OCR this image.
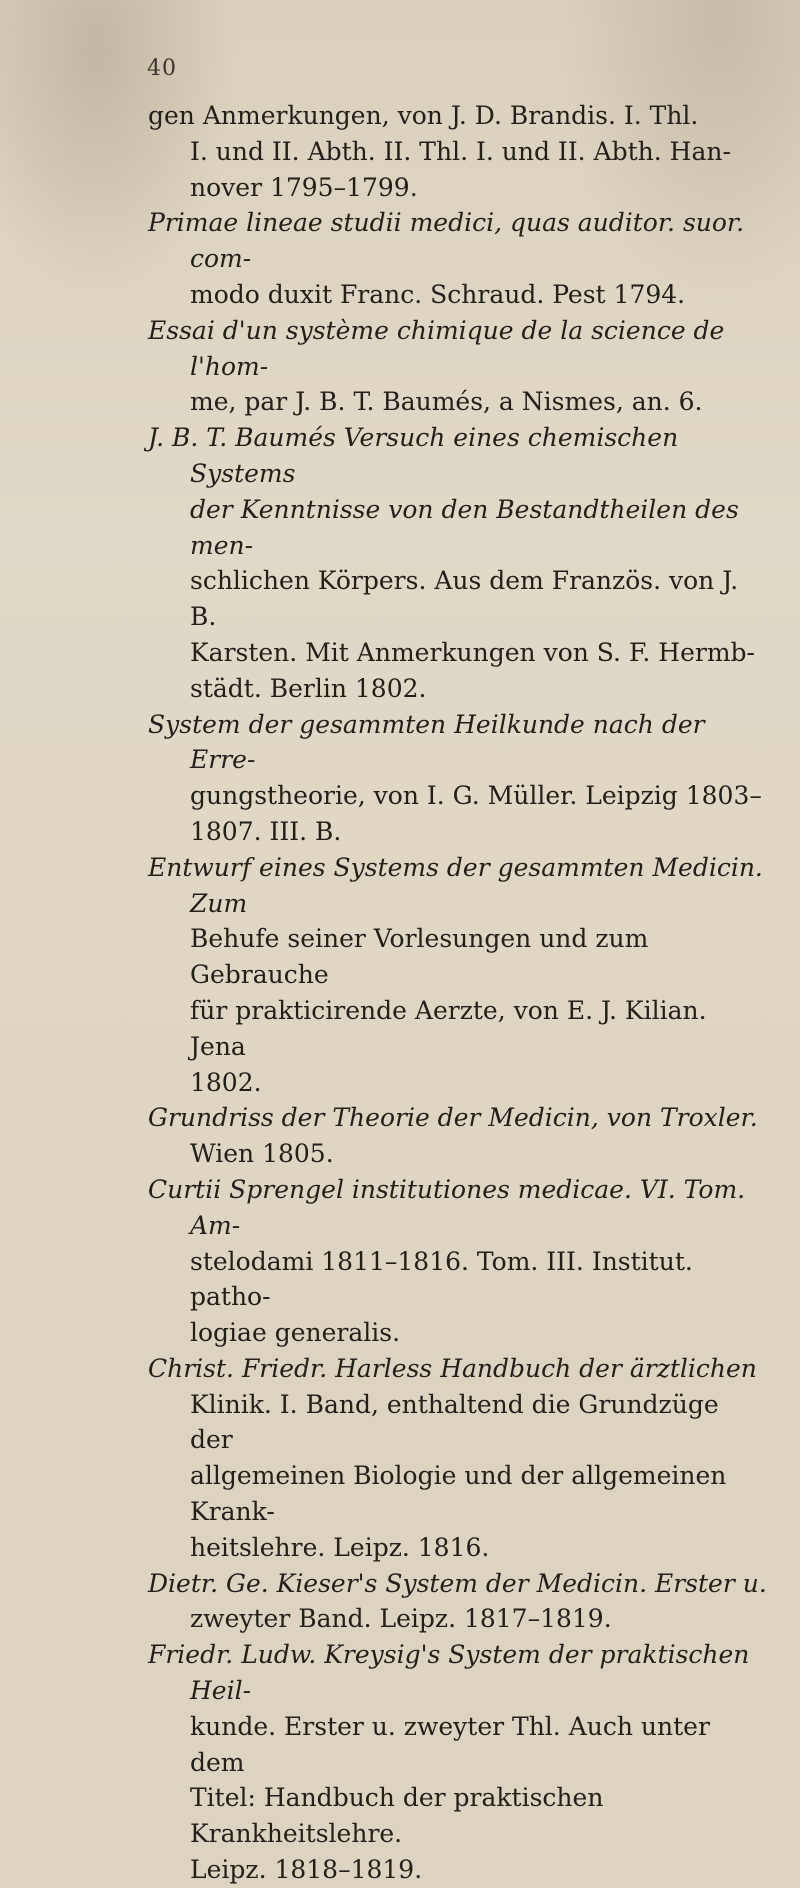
40

gen Anmerkungen, von J. D. Brandis. I. Thl.
I. und II. Abth. II. Thl. I. und II. Abth. Han-
nover 1795–1799.

Primae lineae studii medici, quas auditor. suor. com-
modo duxit Franc. Schraud. Pest 1794.

Essai d'un système chimique de la science de l'hom-
me, par J. B. T. Baumés, a Nismes, an. 6.

J. B. T. Baumés Versuch eines chemischen Systems
der Kenntnisse von den Bestandtheilen des men-
schlichen Körpers. Aus dem Französ. von J. B.
Karsten. Mit Anmerkungen von S. F. Hermb-
städt. Berlin 1802.

System der gesammten Heilkunde nach der Erre-
gungstheorie, von I. G. Müller. Leipzig 1803–
1807. III. B.

Entwurf eines Systems der gesammten Medicin. Zum
Behufe seiner Vorlesungen und zum Gebrauche
für prakticirende Aerzte, von E. J. Kilian. Jena
1802.

Grundriss der Theorie der Medicin, von Troxler.
Wien 1805.

Curtii Sprengel institutiones medicae. VI. Tom. Am-
stelodami 1811–1816. Tom. III. Institut. patho-
logiae generalis.

Christ. Friedr. Harless Handbuch der ärztlichen
Klinik. I. Band, enthaltend die Grundzüge der
allgemeinen Biologie und der allgemeinen Krank-
heitslehre. Leipz. 1816.

Dietr. Ge. Kieser's System der Medicin. Erster u.
zweyter Band. Leipz. 1817–1819.

Friedr. Ludw. Kreysig's System der praktischen Heil-
kunde. Erster u. zweyter Thl. Auch unter dem
Titel: Handbuch der praktischen Krankheitslehre.
Leipz. 1818–1819.
